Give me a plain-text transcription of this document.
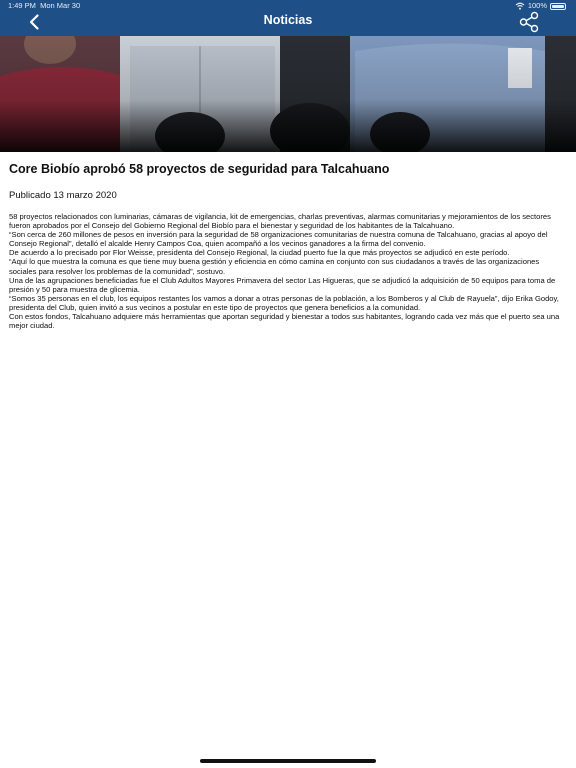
1:49 PM Mon Mar 30	100%
Noticias
Core Biobío aprobó 58 proyectos de seguridad para Talcahuano
Publicado 13 marzo 2020

58 proyectos relacionados con luminarias, cámaras de vigilancia, kit de emergencias, charlas preventivas, alarmas comunitarias y mejoramientos de los sectores fueron aprobados por el Consejo del Gobierno Regional del Biobío para el bienestar y seguridad de los habitantes de la Talcahuano.

“Son cerca de 260 millones de pesos en inversión para la seguridad de 58 organizaciones comunitarias de nuestra comuna de Talcahuano, gracias al apoyo del Consejo Regional”, detalló el alcalde Henry Campos Coa, quien acompañó a los vecinos ganadores a la firma del convenio.

De acuerdo a lo precisado por Flor Weisse, presidenta del Consejo Regional, la ciudad puerto fue la que más proyectos se adjudicó en este período.

“Aquí lo que muestra la comuna es que tiene muy buena gestión y eficiencia en cómo camina en conjunto con sus ciudadanos a través de las organizaciones sociales para resolver los problemas de la comunidad”, sostuvo.

Una de las agrupaciones beneficiadas fue el Club Adultos Mayores Primavera del sector Las Higueras, que se adjudicó la adquisición de 50 equipos para toma de presión y 50 para muestra de glicemia.

“Somos 35 personas en el club, los equipos restantes los vamos a donar a otras personas de la población, a los Bomberos y al Club de Rayuela”, dijo Erika Godoy, presidenta del Club, quien invitó a sus vecinos a postular en este tipo de proyectos que genera beneficios a la comunidad.

Con estos fondos, Talcahuano adquiere más herramientas que aportan seguridad y bienestar a todos sus habitantes, logrando cada vez más que el puerto sea una mejor ciudad.
